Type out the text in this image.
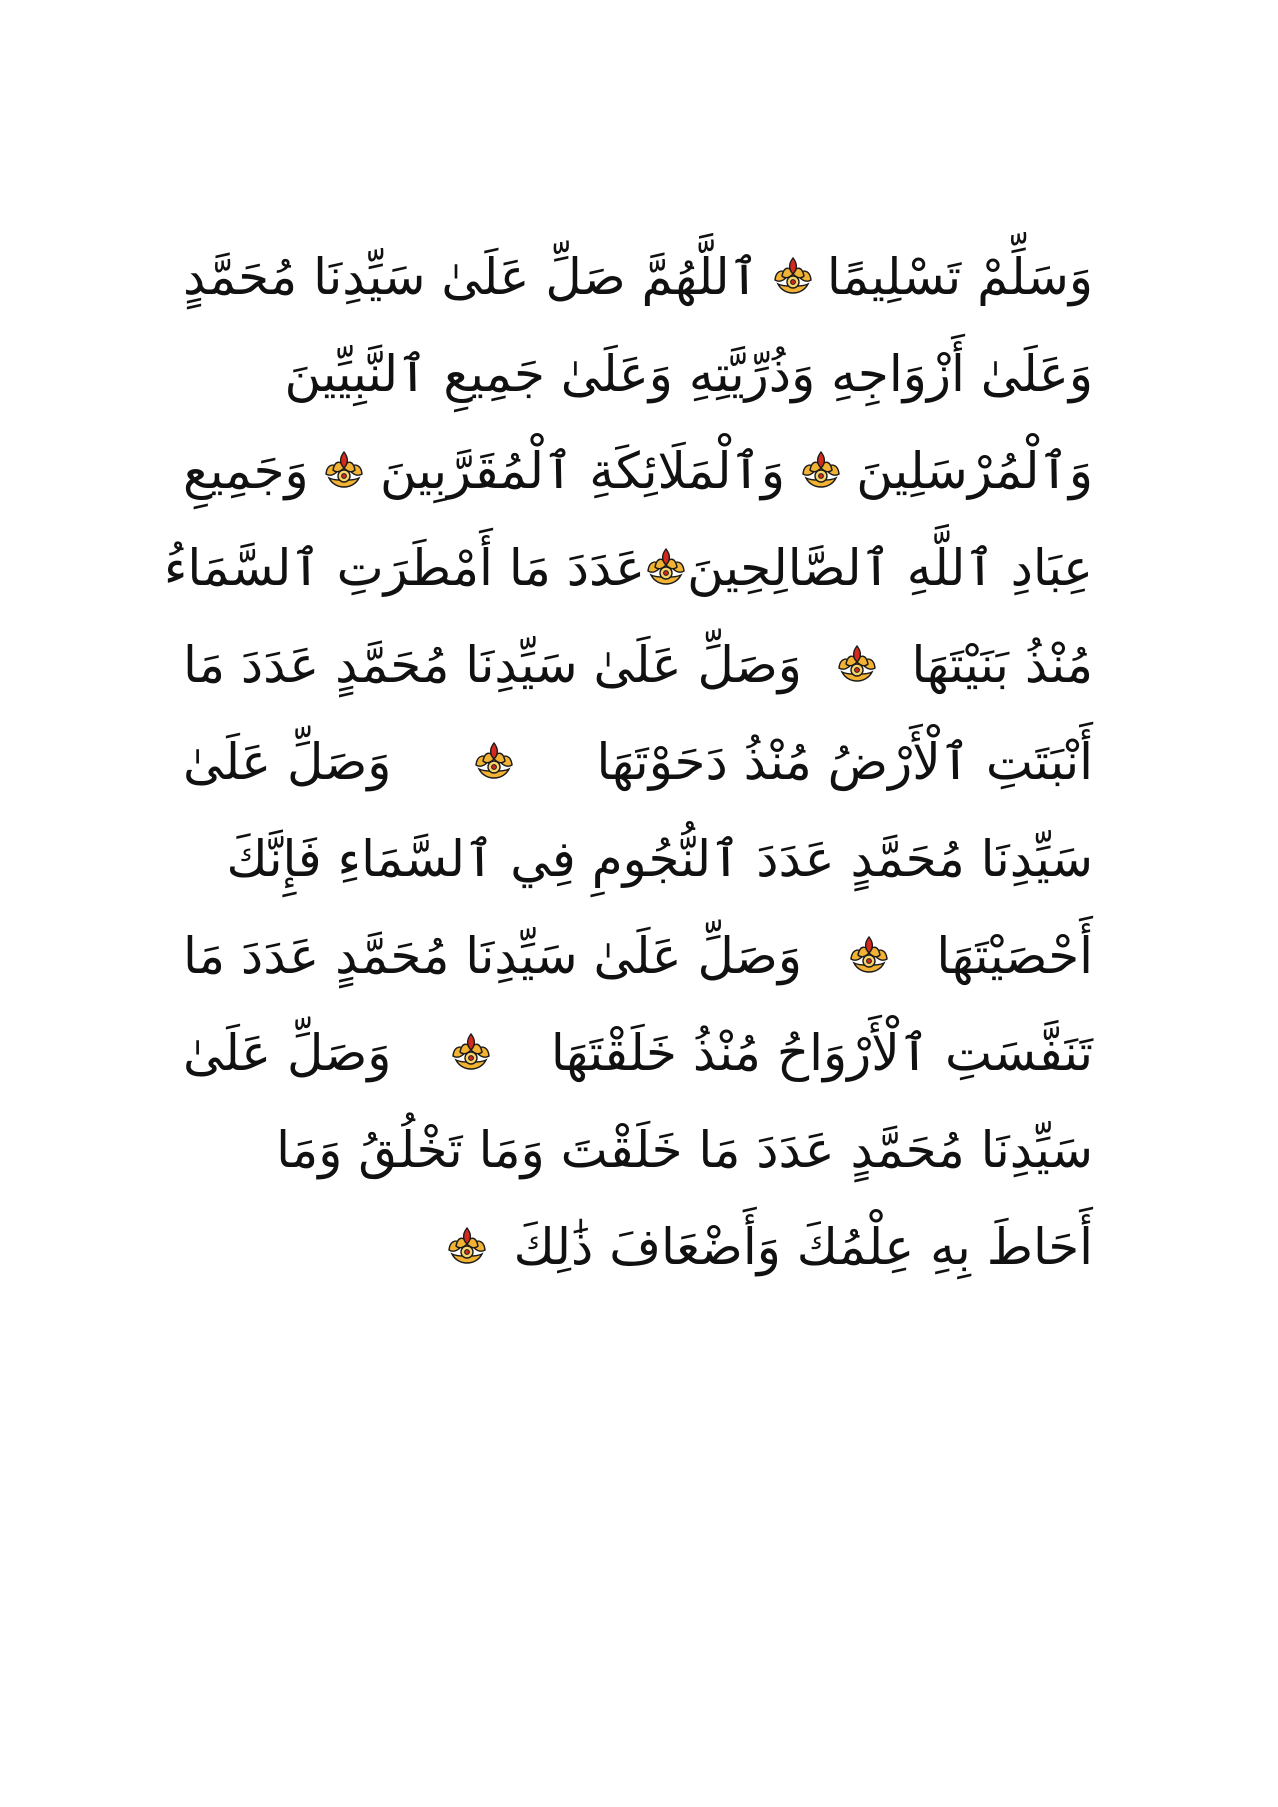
وَسَلِّمْ تَسْلِيمًا
ٱللَّهُمَّ صَلِّ عَلَىٰ سَيِّدِنَا مُحَمَّدٍ
وَعَلَىٰ أَزْوَاجِهِ وَذُرِّيَّتِهِ وَعَلَىٰ جَمِيعِ ٱلنَّبِيِّينَ
وَٱلْمُرْسَلِينَ
وَٱلْمَلَائِكَةِ ٱلْمُقَرَّبِينَ
وَجَمِيعِ
عِبَادِ ٱللَّهِ ٱلصَّالِحِينَ
عَدَدَ مَا أَمْطَرَتِ ٱلسَّمَاءُ
مُنْذُ بَنَيْتَهَا
وَصَلِّ عَلَىٰ سَيِّدِنَا مُحَمَّدٍ عَدَدَ مَا
أَنْبَتَتِ ٱلْأَرْضُ مُنْذُ دَحَوْتَهَا
وَصَلِّ عَلَىٰ
سَيِّدِنَا مُحَمَّدٍ عَدَدَ ٱلنُّجُومِ فِي ٱلسَّمَاءِ فَإِنَّكَ
أَحْصَيْتَهَا
وَصَلِّ عَلَىٰ سَيِّدِنَا مُحَمَّدٍ عَدَدَ مَا
تَنَفَّسَتِ ٱلْأَرْوَاحُ مُنْذُ خَلَقْتَهَا
وَصَلِّ عَلَىٰ
سَيِّدِنَا مُحَمَّدٍ عَدَدَ مَا خَلَقْتَ وَمَا تَخْلُقُ وَمَا
أَحَاطَ بِهِ عِلْمُكَ وَأَضْعَافَ ذَٰلِكَ
